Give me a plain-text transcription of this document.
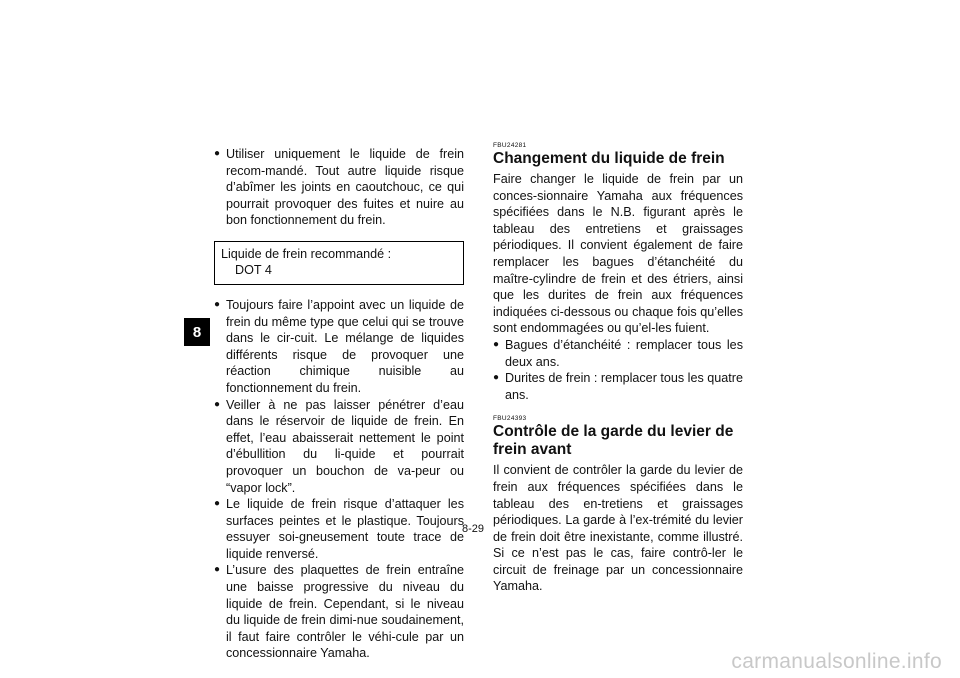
8
● Utiliser uniquement le liquide de frein recom-mandé. Tout autre liquide risque d’abîmer les joints en caoutchouc, ce qui pourrait provoquer des fuites et nuire au bon fonctionnement du frein.
Liquide de frein recommandé :
DOT 4
● Toujours faire l’appoint avec un liquide de frein du même type que celui qui se trouve dans le cir-cuit. Le mélange de liquides différents risque de provoquer une réaction chimique nuisible au fonctionnement du frein.
● Veiller à ne pas laisser pénétrer d’eau dans le réservoir de liquide de frein. En effet, l’eau abaisserait nettement le point d’ébullition du li-quide et pourrait provoquer un bouchon de va-peur ou “vapor lock”.
● Le liquide de frein risque d’attaquer les surfaces peintes et le plastique. Toujours essuyer soi-gneusement toute trace de liquide renversé.
● L’usure des plaquettes de frein entraîne une baisse progressive du niveau du liquide de frein. Cependant, si le niveau du liquide de frein dimi-nue soudainement, il faut faire contrôler le véhi-cule par un concessionnaire Yamaha.
FBU24281
Changement du liquide de frein

Faire changer le liquide de frein par un conces-sionnaire Yamaha aux fréquences spécifiées dans le N.B. figurant après le tableau des entretiens et graissages périodiques. Il convient également de faire remplacer les bagues d’étanchéité du maître-cylindre de frein et des étriers, ainsi que les durites de frein aux fréquences indiquées ci-dessous ou chaque fois qu’elles sont endommagées ou qu’el-les fuient.

● Bagues d’étanchéité : remplacer tous les deux ans.
● Durites de frein : remplacer tous les quatre ans.
FBU24393
Contrôle de la garde du levier de frein avant

Il convient de contrôler la garde du levier de frein aux fréquences spécifiées dans le tableau des en-tretiens et graissages périodiques. La garde à l’ex-trémité du levier de frein doit être inexistante, comme illustré. Si ce n’est pas le cas, faire contrô-ler le circuit de freinage par un concessionnaire Yamaha.

8-29
carmanualsonline.info
